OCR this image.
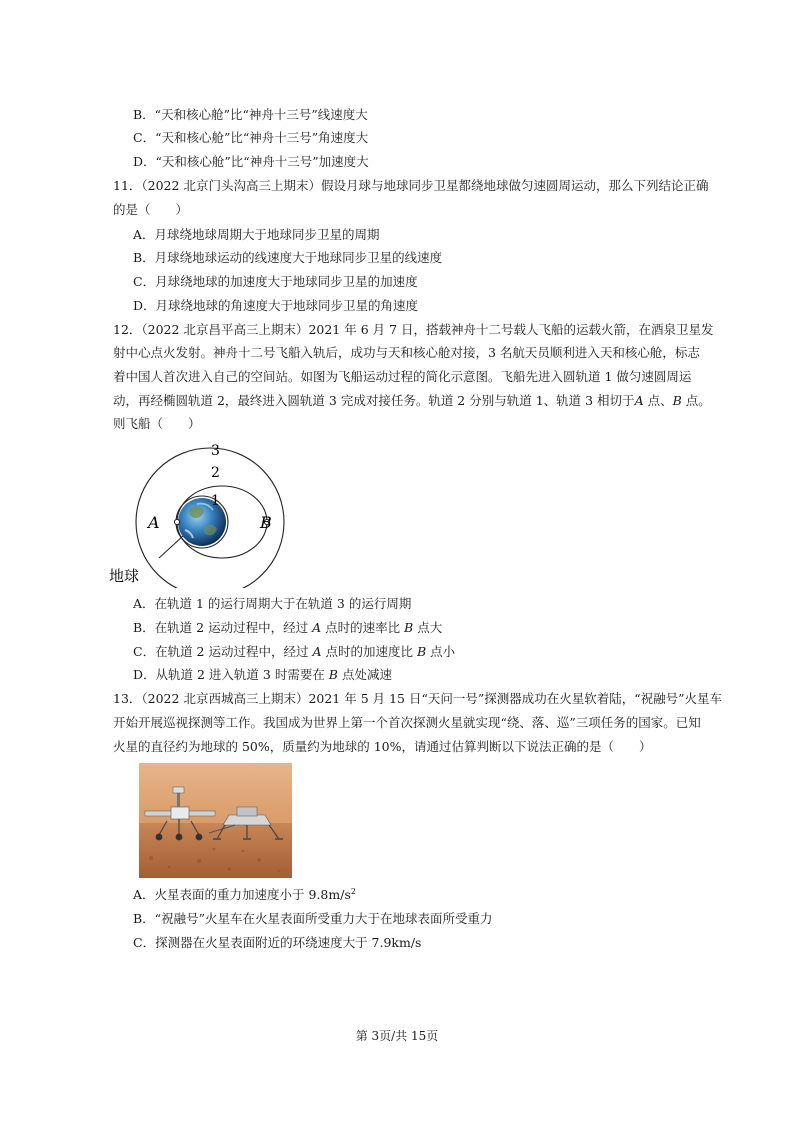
B．“天和核心舱”比“神舟十三号”线速度大
C．“天和核心舱”比“神舟十三号”角速度大
D．“天和核心舱”比“神舟十三号”加速度大
11．（2022 北京门头沟高三上期末）假设月球与地球同步卫星都绕地球做匀速圆周运动，那么下列结论正确
的是（　　）
A．月球绕地球周期大于地球同步卫星的周期
B．月球绕地球运动的线速度大于地球同步卫星的线速度
C．月球绕地球的加速度大于地球同步卫星的加速度
D．月球绕地球的角速度大于地球同步卫星的角速度
12．（2022 北京昌平高三上期末）2021 年 6 月 7 日，搭载神舟十二号载人飞船的运载火箭，在酒泉卫星发
射中心点火发射。神舟十二号飞船入轨后，成功与天和核心舱对接，3 名航天员顺利进入天和核心舱，标志
着中国人首次进入自己的空间站。如图为飞船运动过程的简化示意图。飞船先进入圆轨道 1 做匀速圆周运
动，再经椭圆轨道 2，最终进入圆轨道 3 完成对接任务。轨道 2 分别与轨道 1、轨道 3 相切于A 点、B 点。
则飞船（　　）
3
2
1
A	B
地球
A．在轨道 1 的运行周期大于在轨道 3 的运行周期
B．在轨道 2 运动过程中，经过 A 点时的速率比 B 点大
C．在轨道 2 运动过程中，经过 A 点时的加速度比 B 点小
D．从轨道 2 进入轨道 3 时需要在 B 点处减速
13．（2022 北京西城高三上期末）2021 年 5 月 15 日“天问一号”探测器成功在火星软着陆，“祝融号”火星车
开始开展巡视探测等工作。我国成为世界上第一个首次探测火星就实现“绕、落、巡”三项任务的国家。已知
火星的直径约为地球的 50%，质量约为地球的 10%，请通过估算判断以下说法正确的是（　　）
A．火星表面的重力加速度小于 $9.8m/s^2$
B．“祝融号”火星车在火星表面所受重力大于在地球表面所受重力
C．探测器在火星表面附近的环绕速度大于 7.9km/s
第 3页/共 15页
